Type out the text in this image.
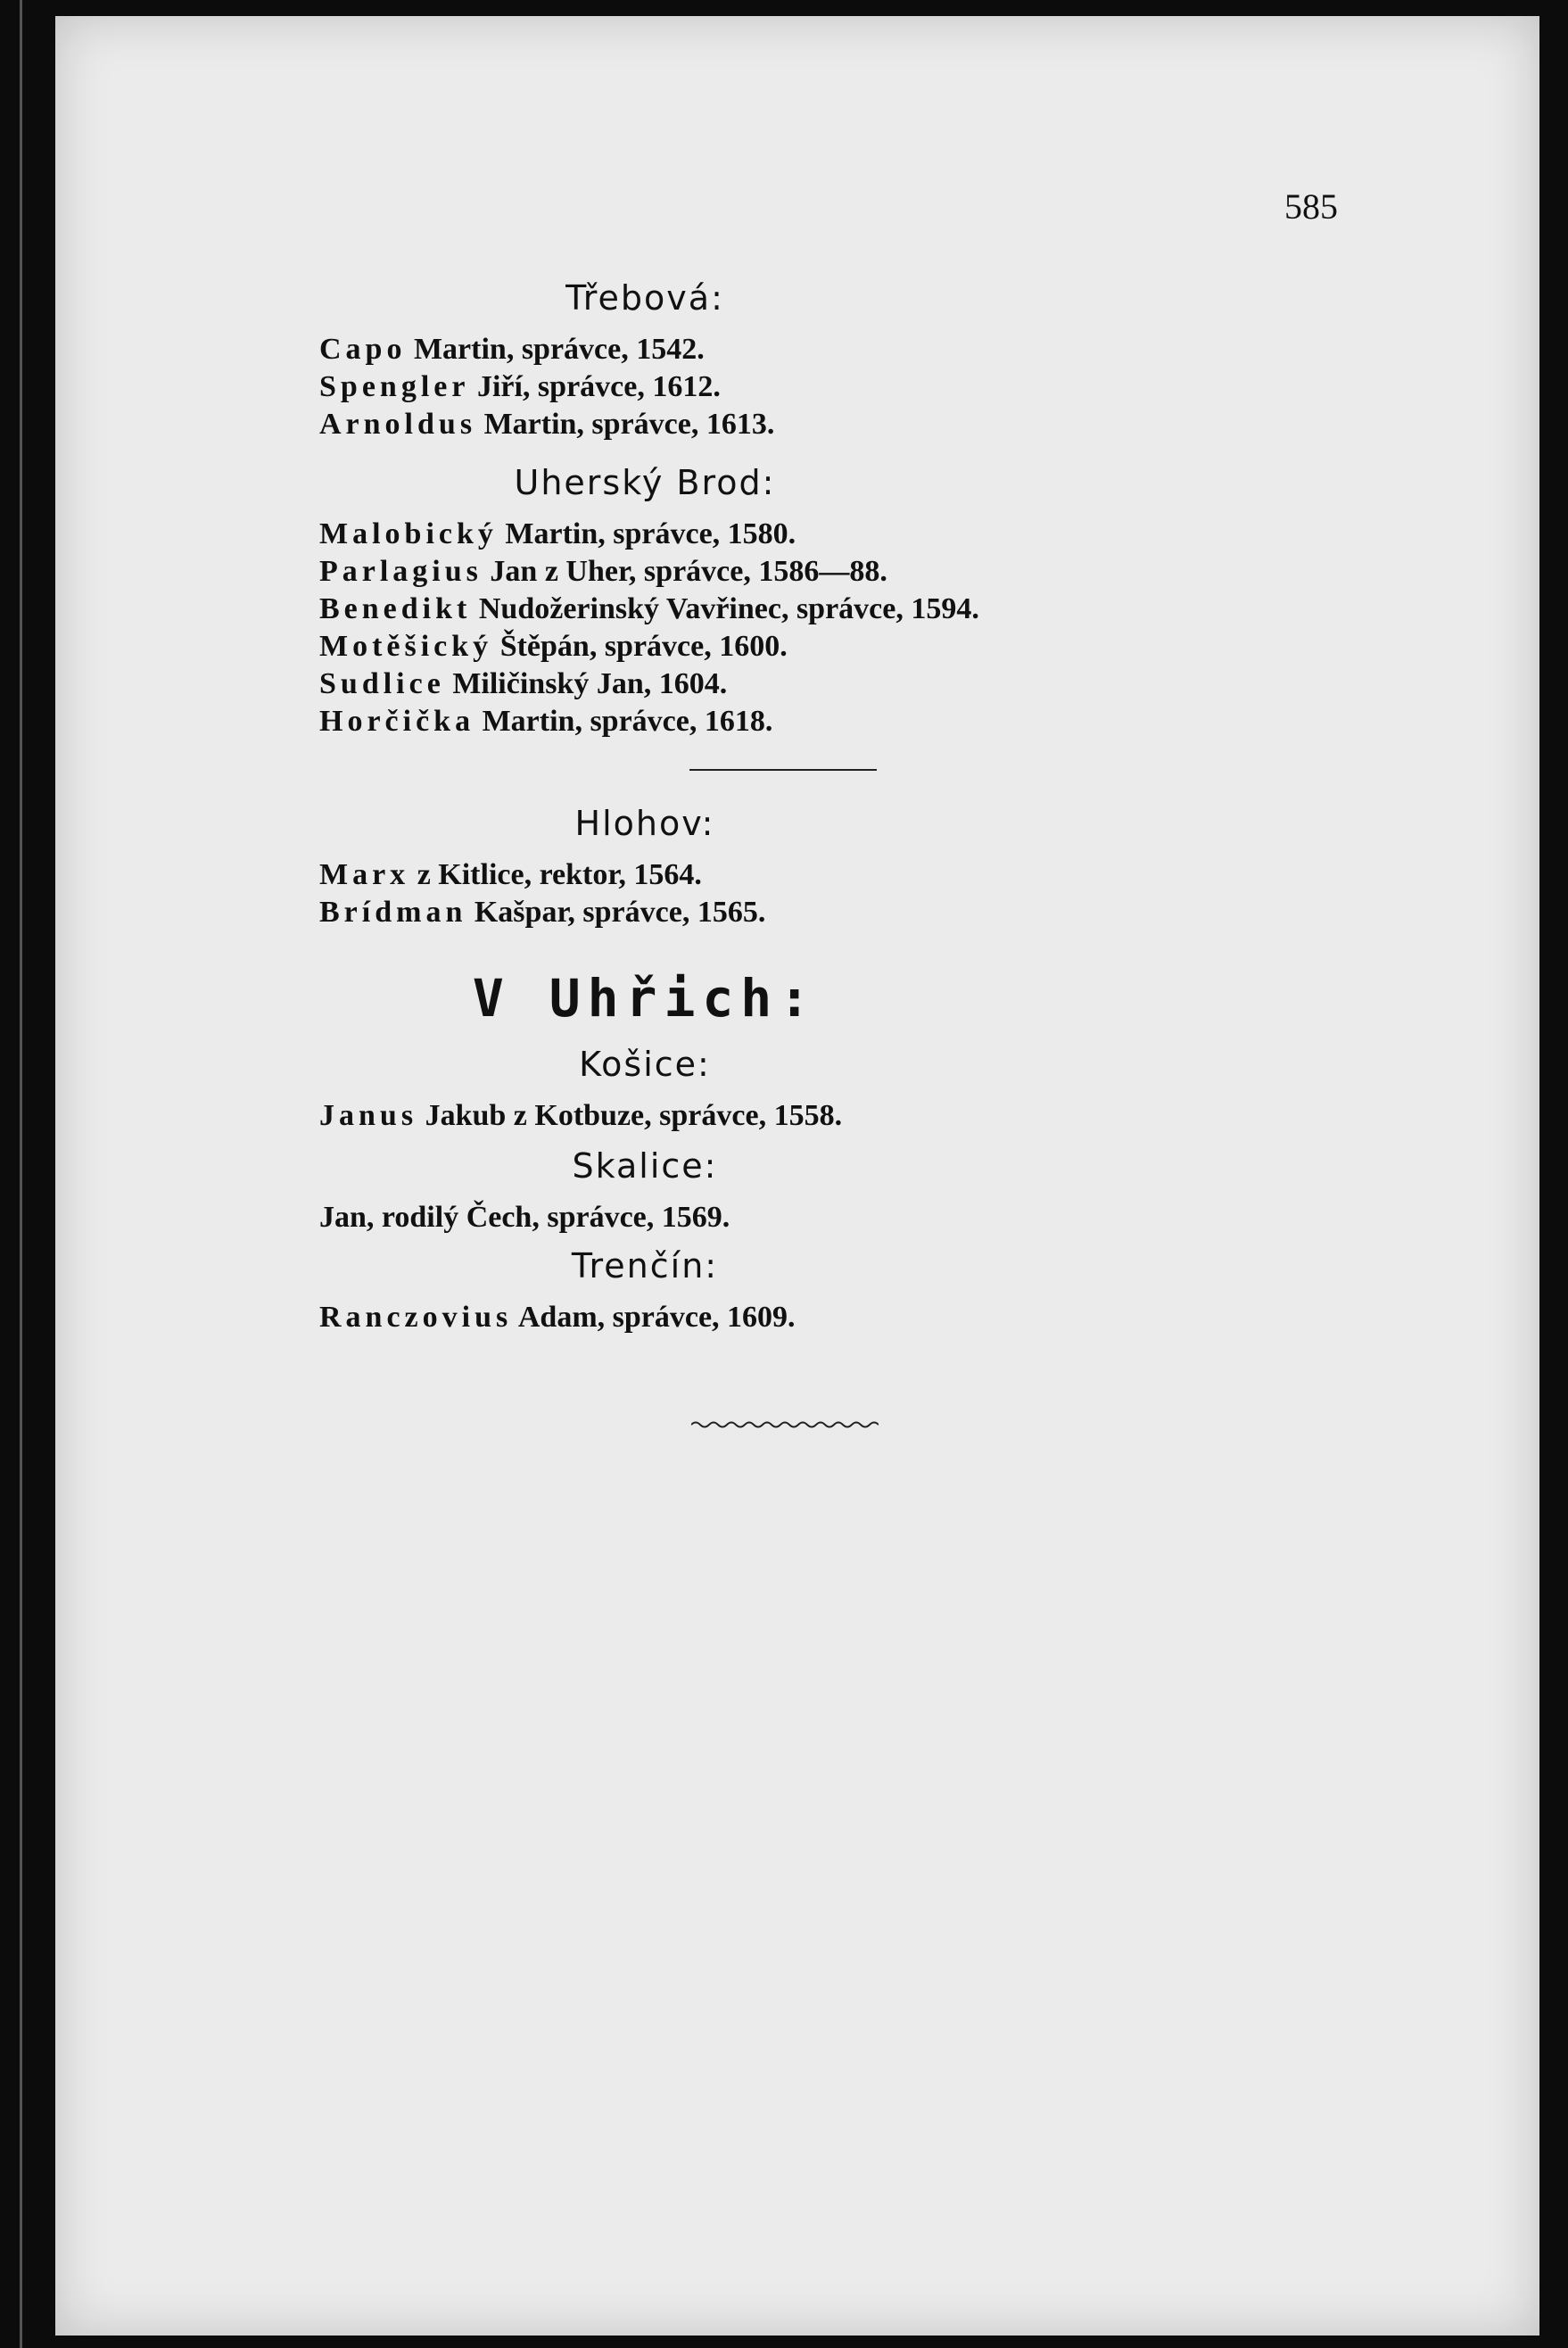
585

Třebová:

Capo Martin, správce, 1542.

Spengler Jiří, správce, 1612.

Arnoldus Martin, správce, 1613.

Uherský Brod:

Malobický Martin, správce, 1580.

Parlagius Jan z Uher, správce, 1586—88.

Benedikt Nudožerinský Vavřinec, správce, 1594.

Motěšický Štěpán, správce, 1600.

Sudlice Miličinský Jan, 1604.

Horčička Martin, správce, 1618.

Hlohov:

Marx z Kitlice, rektor, 1564.

Brídman Kašpar, správce, 1565.

V Uhřich:

Košice:

Janus Jakub z Kotbuze, správce, 1558.

Skalice:

Jan, rodilý Čech, správce, 1569.

Trenčín:

Ranczovius Adam, správce, 1609.
